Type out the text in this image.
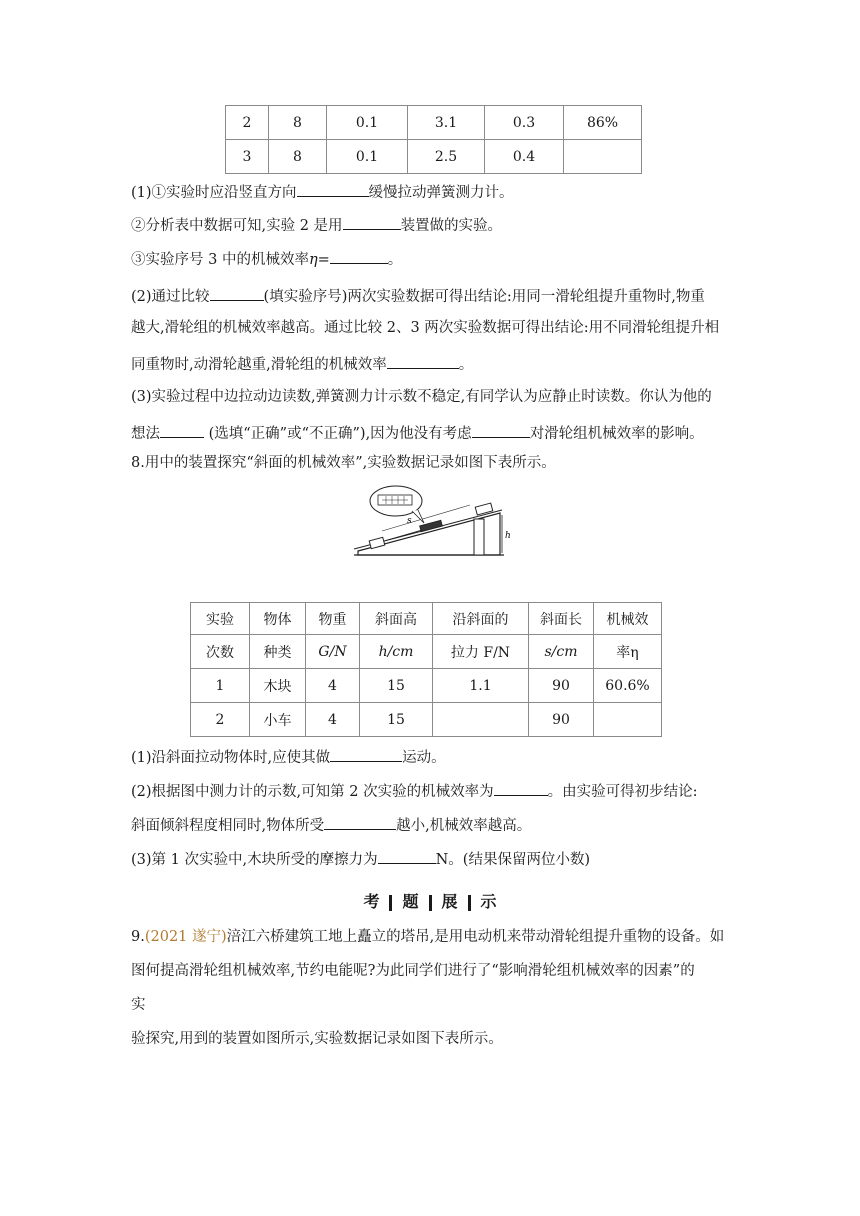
2	8	0.1	3.1	0.3	86%
3	8	0.1	2.5	0.4	
(1)①实验时应沿竖直方向	缓慢拉动弹簧测力计。
②分析表中数据可知,实验 2 是用	装置做的实验。
③实验序号 3 中的机械效率η=	。
(2)通过比较	(填实验序号)两次实验数据可得出结论:用同一滑轮组提升重物时,物重
越大,滑轮组的机械效率越高。通过比较 2、3 两次实验数据可得出结论:用不同滑轮组提升相
同重物时,动滑轮越重,滑轮组的机械效率	。
(3)实验过程中边拉动边读数,弹簧测力计示数不稳定,有同学认为应静止时读数。你认为他的
想法	(选填“正确”或“不正确”),因为他没有考虑	对滑轮组机械效率的影响。
8.用中的装置探究“斜面的机械效率”,实验数据记录如图下表所示。
h
s
实验	物体	物重	斜面高	沿斜面的	斜面长	机械效
次数	种类	G/N	h/cm	拉力 F/N	s/cm	率η
1	木块	4	15	1.1	90	60.6%
2	小车	4	15		90	
(1)沿斜面拉动物体时,应使其做	运动。
(2)根据图中测力计的示数,可知第 2 次实验的机械效率为	。由实验可得初步结论:
斜面倾斜程度相同时,物体所受	越小,机械效率越高。
(3)第 1 次实验中,木块所受的摩擦力为	N。(结果保留两位小数)
考 题 展 示
9.(2021 遂宁)涪江六桥建筑工地上矗立的塔吊,是用电动机来带动滑轮组提升重物的设备。如
图何提高滑轮组机械效率,节约电能呢?为此同学们进行了“影响滑轮组机械效率的因素”的
实
验探究,用到的装置如图所示,实验数据记录如图下表所示。
